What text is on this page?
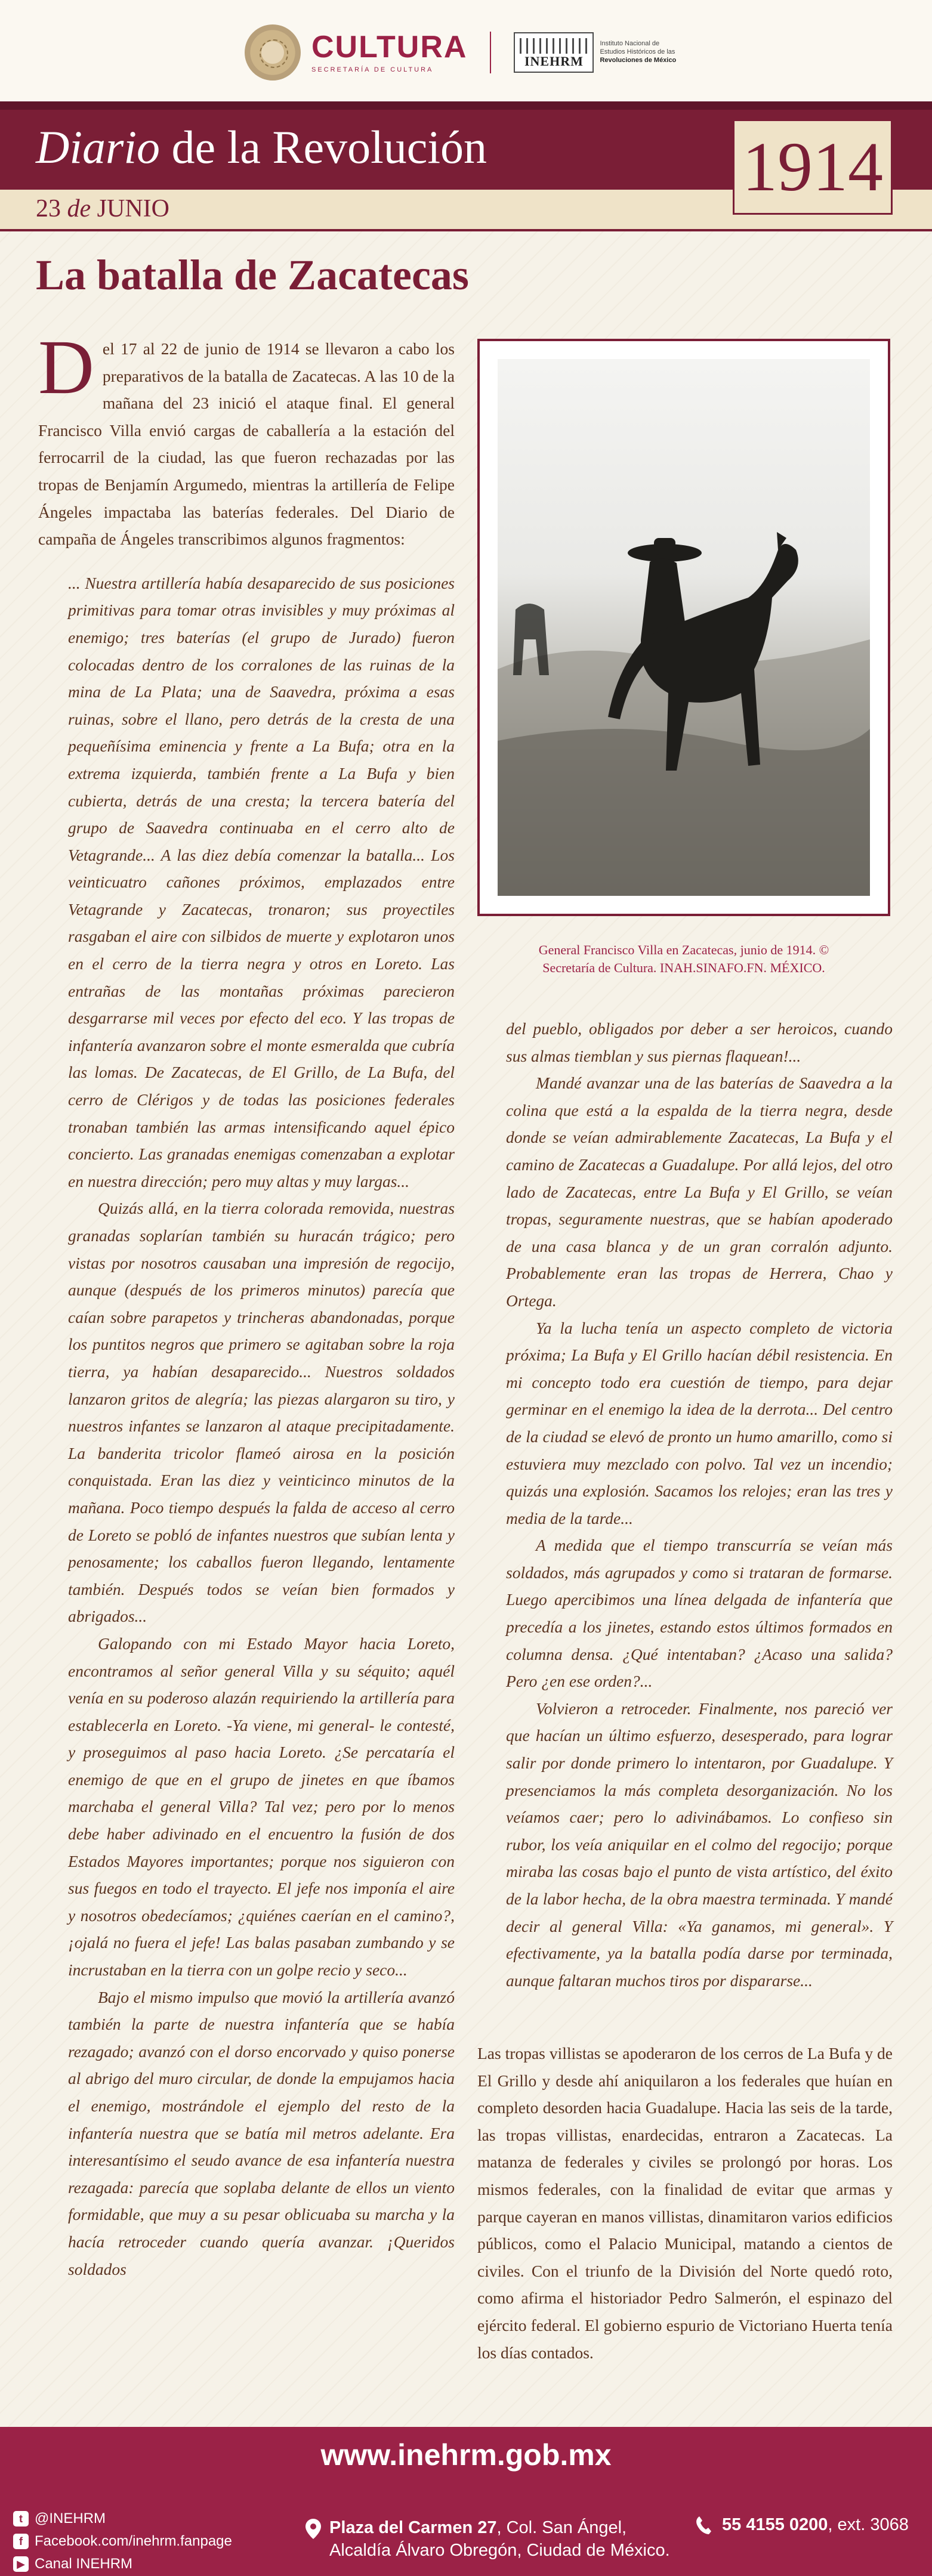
CULTURA
SECRETARÍA DE CULTURA
INEHRM
Instituto Nacional de
Estudios Históricos de las
Revoluciones de México
Diario de la Revolución
23 de JUNIO
1914
La batalla de Zacatecas

Del 17 al 22 de junio de 1914 se llevaron a cabo los preparativos de la batalla de Zacatecas. A las 10 de la mañana del 23 inició el ataque final. El general Francisco Villa envió cargas de caballería a la estación del ferrocarril de la ciudad, las que fueron rechazadas por las tropas de Benjamín Argumedo, mientras la artillería de Felipe Ángeles impactaba las baterías federales. Del Diario de campaña de Ángeles transcribimos algunos fragmentos:

... Nuestra artillería había desaparecido de sus posiciones primitivas para tomar otras invisibles y muy próximas al enemigo; tres baterías (el grupo de Jurado) fueron colocadas dentro de los corralones de las ruinas de la mina de La Plata; una de Saavedra, próxima a esas ruinas, sobre el llano, pero detrás de la cresta de una pequeñísima eminencia y frente a La Bufa; otra en la extrema izquierda, también frente a La Bufa y bien cubierta, detrás de una cresta; la tercera batería del grupo de Saavedra continuaba en el cerro alto de Vetagrande... A las diez debía comenzar la batalla... Los veinticuatro cañones próximos, emplazados entre Vetagrande y Zacatecas, tronaron; sus proyectiles rasgaban el aire con silbidos de muerte y explotaron unos en el cerro de la tierra negra y otros en Loreto. Las entrañas de las montañas próximas parecieron desgarrarse mil veces por efecto del eco. Y las tropas de infantería avanzaron sobre el monte esmeralda que cubría las lomas. De Zacatecas, de El Grillo, de La Bufa, del cerro de Clérigos y de todas las posiciones federales tronaban también las armas intensificando aquel épico concierto. Las granadas enemigas comenzaban a explotar en nuestra dirección; pero muy altas y muy largas...

Quizás allá, en la tierra colorada removida, nuestras granadas soplarían también su huracán trágico; pero vistas por nosotros causaban una impresión de regocijo, aunque (después de los primeros minutos) parecía que caían sobre parapetos y trincheras abandonadas, porque los puntitos negros que primero se agitaban sobre la roja tierra, ya habían desaparecido... Nuestros soldados lanzaron gritos de alegría; las piezas alargaron su tiro, y nuestros infantes se lanzaron al ataque precipitadamente. La banderita tricolor flameó airosa en la posición conquistada. Eran las diez y veinticinco minutos de la mañana. Poco tiempo después la falda de acceso al cerro de Loreto se pobló de infantes nuestros que subían lenta y penosamente; los caballos fueron llegando, lentamente también. Después todos se veían bien formados y abrigados...

Galopando con mi Estado Mayor hacia Loreto, encontramos al señor general Villa y su séquito; aquél venía en su poderoso alazán requiriendo la artillería para establecerla en Loreto. -Ya viene, mi general- le contesté, y proseguimos al paso hacia Loreto. ¿Se percataría el enemigo de que en el grupo de jinetes en que íbamos marchaba el general Villa? Tal vez; pero por lo menos debe haber adivinado en el encuentro la fusión de dos Estados Mayores importantes; porque nos siguieron con sus fuegos en todo el trayecto. El jefe nos imponía el aire y nosotros obedecíamos; ¿quiénes caerían en el camino?, ¡ojalá no fuera el jefe! Las balas pasaban zumbando y se incrustaban en la tierra con un golpe recio y seco...

Bajo el mismo impulso que movió la artillería avanzó también la parte de nuestra infantería que se había rezagado; avanzó con el dorso encorvado y quiso ponerse al abrigo del muro circular, de donde la empujamos hacia el enemigo, mostrándole el ejemplo del resto de la infantería nuestra que se batía mil metros adelante. Era interesantísimo el seudo avance de esa infantería nuestra rezagada: parecía que soplaba delante de ellos un viento formidable, que muy a su pesar oblicuaba su marcha y la hacía retroceder cuando quería avanzar. ¡Queridos soldados

General Francisco Villa en Zacatecas, junio de 1914. ©
Secretaría de Cultura. INAH.SINAFO.FN. MÉXICO.

del pueblo, obligados por deber a ser heroicos, cuando sus almas tiemblan y sus piernas flaquean!...

Mandé avanzar una de las baterías de Saavedra a la colina que está a la espalda de la tierra negra, desde donde se veían admirablemente Zacatecas, La Bufa y el camino de Zacatecas a Guadalupe. Por allá lejos, del otro lado de Zacatecas, entre La Bufa y El Grillo, se veían tropas, seguramente nuestras, que se habían apoderado de una casa blanca y de un gran corralón adjunto. Probablemente eran las tropas de Herrera, Chao y Ortega.

Ya la lucha tenía un aspecto completo de victoria próxima; La Bufa y El Grillo hacían débil resistencia. En mi concepto todo era cuestión de tiempo, para dejar germinar en el enemigo la idea de la derrota... Del centro de la ciudad se elevó de pronto un humo amarillo, como si estuviera muy mezclado con polvo. Tal vez un incendio; quizás una explosión. Sacamos los relojes; eran las tres y media de la tarde...

A medida que el tiempo transcurría se veían más soldados, más agrupados y como si trataran de formarse. Luego apercibimos una línea delgada de infantería que precedía a los jinetes, estando estos últimos formados en columna densa. ¿Qué intentaban? ¿Acaso una salida? Pero ¿en ese orden?...

Volvieron a retroceder. Finalmente, nos pareció ver que hacían un último esfuerzo, desesperado, para lograr salir por donde primero lo intentaron, por Guadalupe. Y presenciamos la más completa desorganización. No los veíamos caer; pero lo adivinábamos. Lo confieso sin rubor, los veía aniquilar en el colmo del regocijo; porque miraba las cosas bajo el punto de vista artístico, del éxito de la labor hecha, de la obra maestra terminada. Y mandé decir al general Villa: «Ya ganamos, mi general». Y efectivamente, ya la batalla podía darse por terminada, aunque faltaran muchos tiros por dispararse...

Las tropas villistas se apoderaron de los cerros de La Bufa y de El Grillo y desde ahí aniquilaron a los federales que huían en completo desorden hacia Guadalupe. Hacia las seis de la tarde, las tropas villistas, enardecidas, entraron a Zacatecas. La matanza de federales y civiles se prolongó por horas. Los mismos federales, con la finalidad de evitar que armas y parque cayeran en manos villistas, dinamitaron varios edificios públicos, como el Palacio Municipal, matando a cientos de civiles. Con el triunfo de la División del Norte quedó roto, como afirma el historiador Pedro Salmerón, el espinazo del ejército federal. El gobierno espurio de Victoriano Huerta tenía los días contados.

www.inehrm.gob.mx
t @INEHRM
f Facebook.com/inehrm.fanpage
▶ Canal INEHRM
Plaza del Carmen 27, Col. San Ángel,
Alcaldía Álvaro Obregón, Ciudad de México.
55 4155 0200 , ext. 3068
